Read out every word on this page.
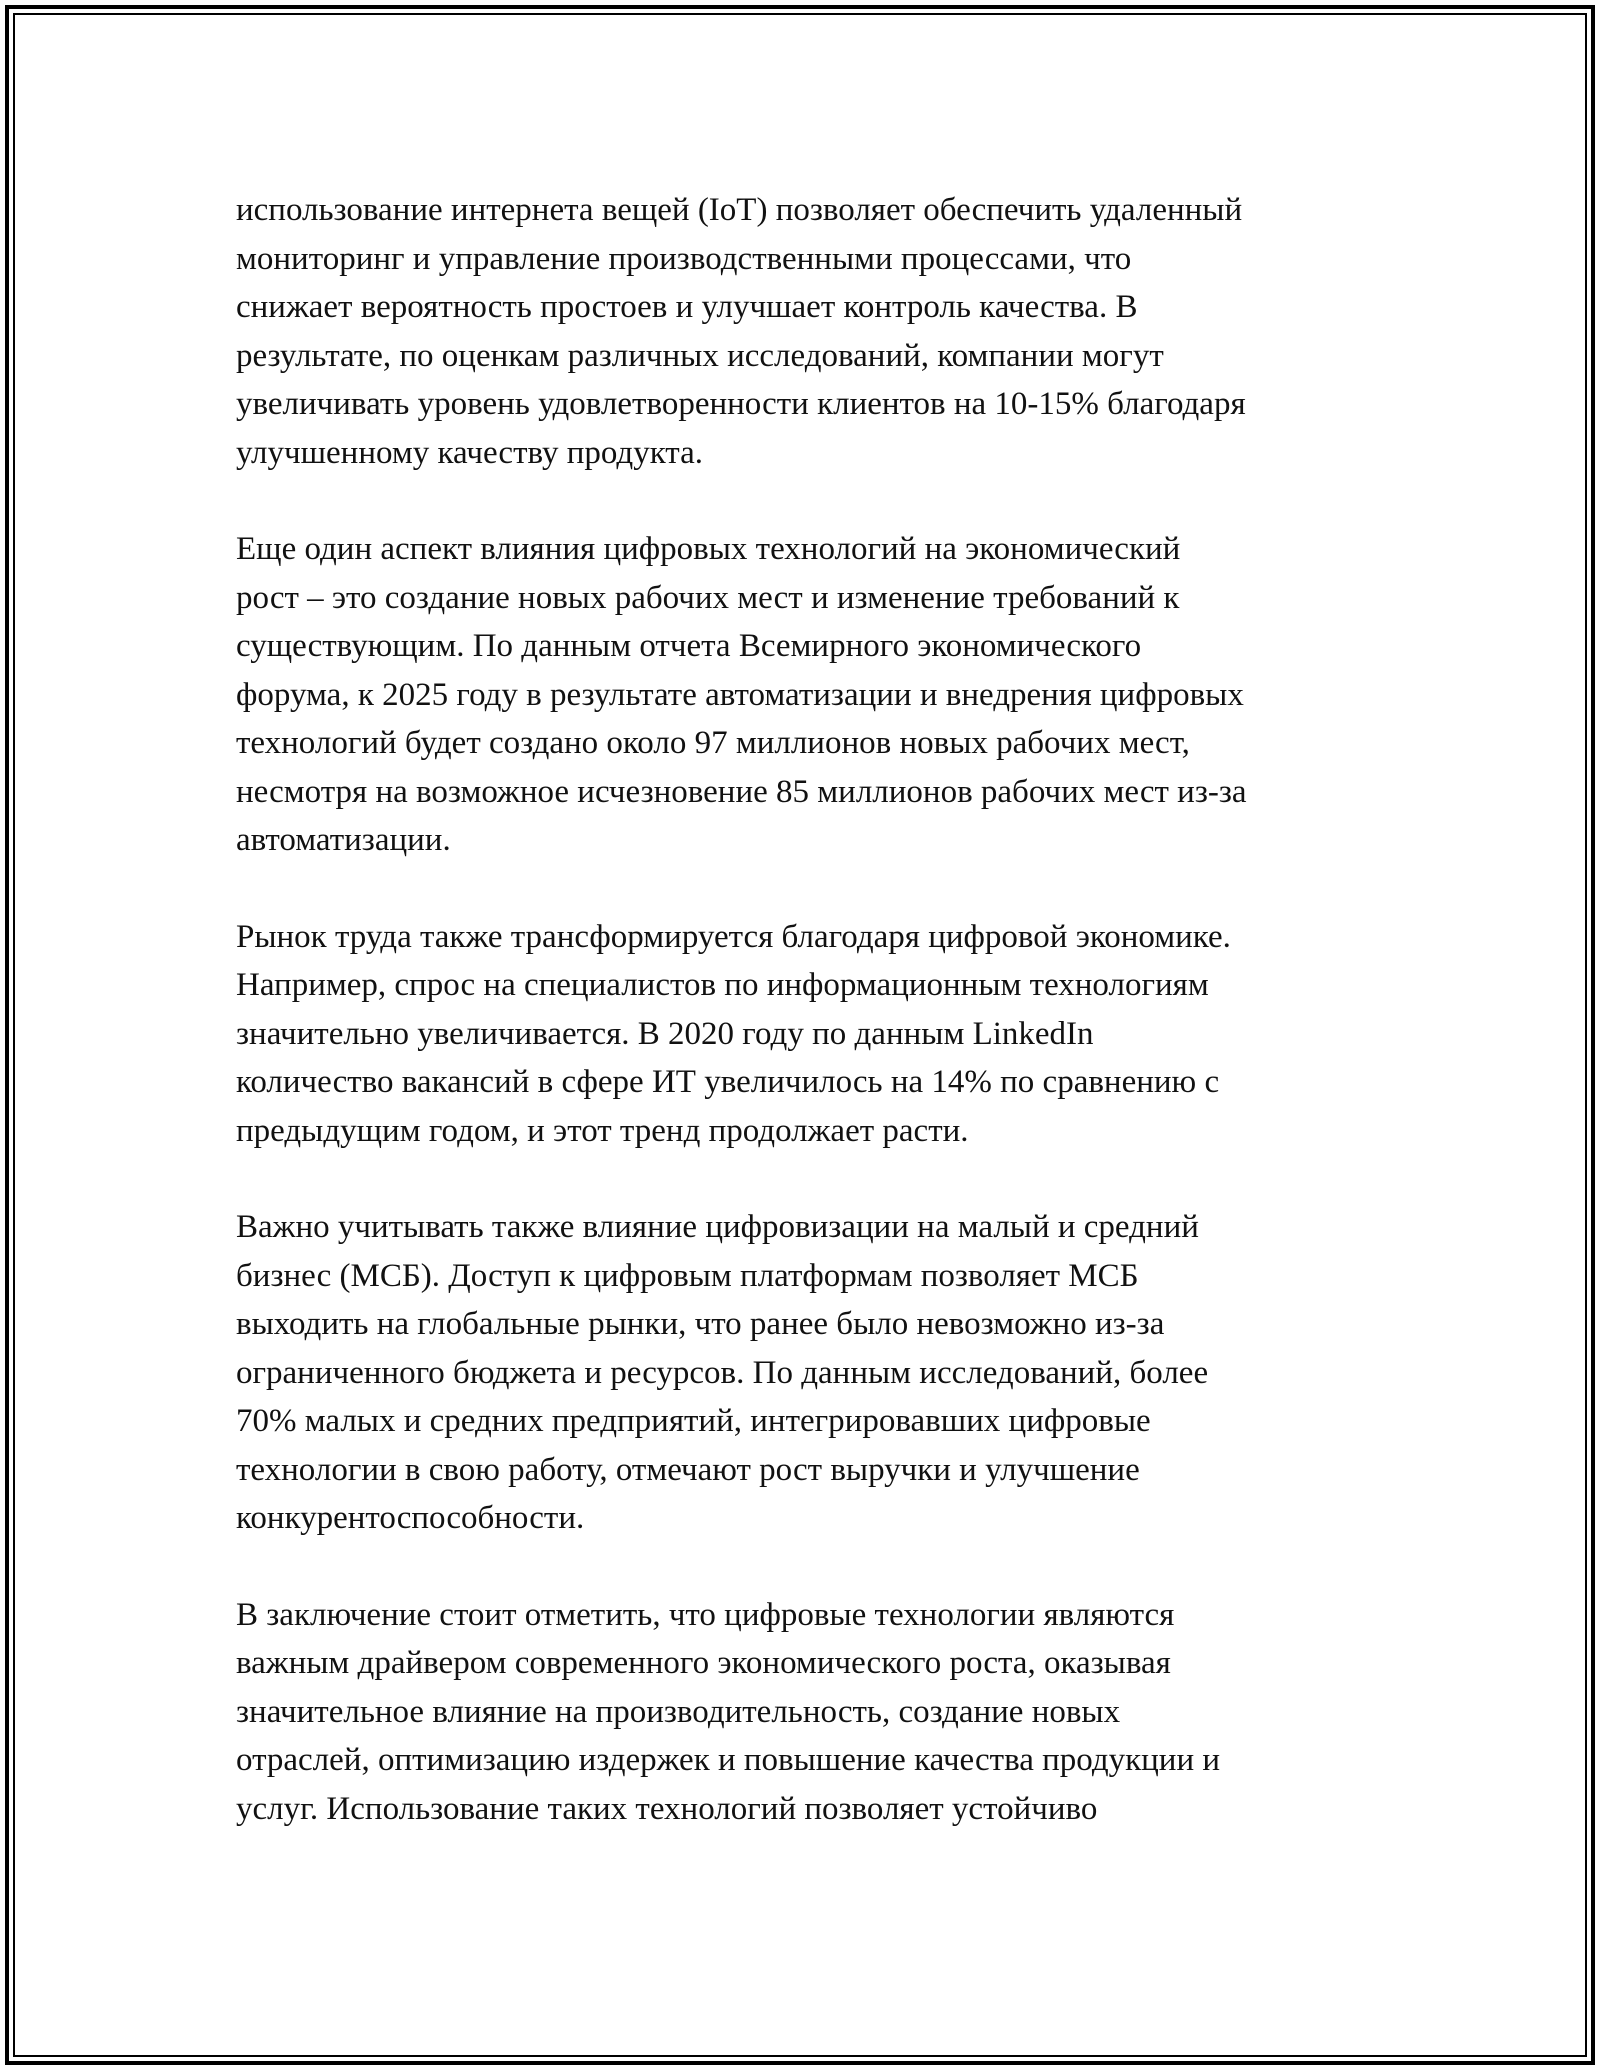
использование интернета вещей (IoT) позволяет обеспечить удаленный
мониторинг и управление производственными процессами, что
снижает вероятность простоев и улучшает контроль качества. В
результате, по оценкам различных исследований, компании могут
увеличивать уровень удовлетворенности клиентов на 10-15% благодаря
улучшенному качеству продукта.

Еще один аспект влияния цифровых технологий на экономический
рост – это создание новых рабочих мест и изменение требований к
существующим. По данным отчета Всемирного экономического
форума, к 2025 году в результате автоматизации и внедрения цифровых
технологий будет создано около 97 миллионов новых рабочих мест,
несмотря на возможное исчезновение 85 миллионов рабочих мест из-за
автоматизации.

Рынок труда также трансформируется благодаря цифровой экономике.
Например, спрос на специалистов по информационным технологиям
значительно увеличивается. В 2020 году по данным LinkedIn
количество вакансий в сфере ИТ увеличилось на 14% по сравнению с
предыдущим годом, и этот тренд продолжает расти.

Важно учитывать также влияние цифровизации на малый и средний
бизнес (МСБ). Доступ к цифровым платформам позволяет МСБ
выходить на глобальные рынки, что ранее было невозможно из-за
ограниченного бюджета и ресурсов. По данным исследований, более
70% малых и средних предприятий, интегрировавших цифровые
технологии в свою работу, отмечают рост выручки и улучшение
конкурентоспособности.

В заключение стоит отметить, что цифровые технологии являются
важным драйвером современного экономического роста, оказывая
значительное влияние на производительность, создание новых
отраслей, оптимизацию издержек и повышение качества продукции и
услуг. Использование таких технологий позволяет устойчиво
